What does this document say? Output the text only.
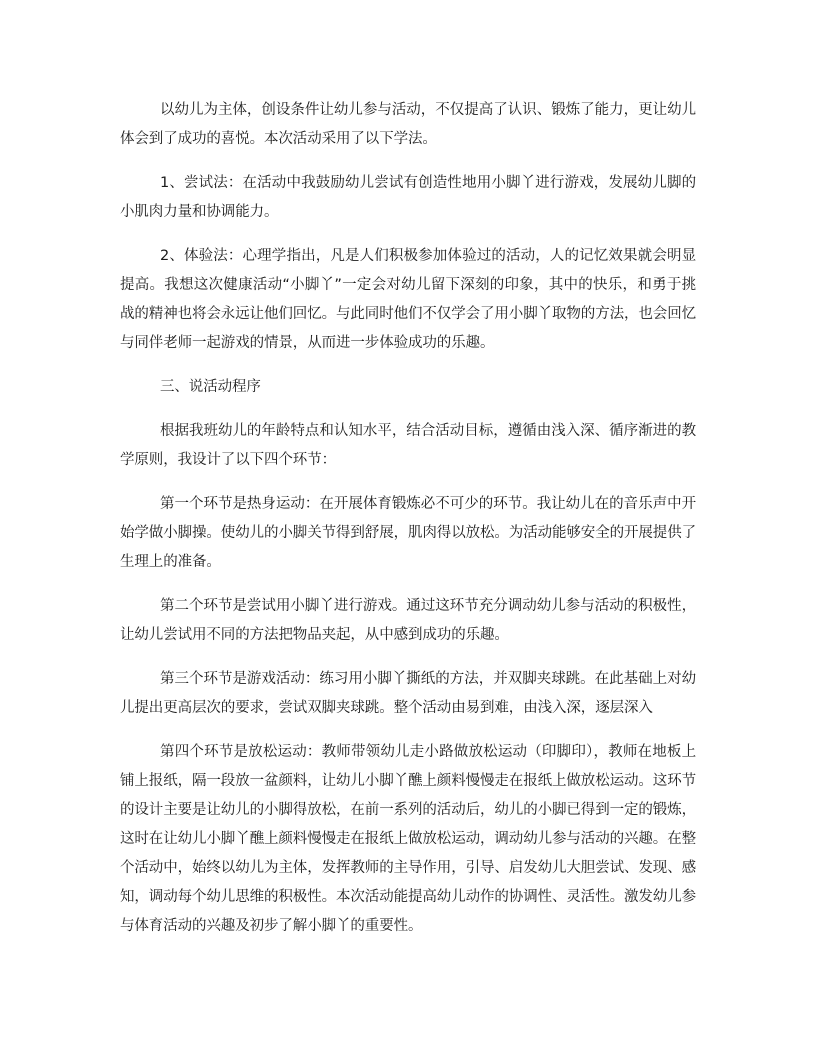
以幼儿为主体，创设条件让幼儿参与活动，不仅提高了认识、锻炼了能力，更让幼儿体会到了成功的喜悦。本次活动采用了以下学法。

1、尝试法：在活动中我鼓励幼儿尝试有创造性地用小脚丫进行游戏，发展幼儿脚的小肌肉力量和协调能力。

2、体验法：心理学指出，凡是人们积极参加体验过的活动，人的记忆效果就会明显提高。我想这次健康活动“小脚丫”一定会对幼儿留下深刻的印象，其中的快乐，和勇于挑战的精神也将会永远让他们回忆。与此同时他们不仅学会了用小脚丫取物的方法，也会回忆与同伴老师一起游戏的情景，从而进一步体验成功的乐趣。

三、说活动程序

根据我班幼儿的年龄特点和认知水平，结合活动目标，遵循由浅入深、循序渐进的教学原则，我设计了以下四个环节：

第一个环节是热身运动：在开展体育锻炼必不可少的环节。我让幼儿在的音乐声中开始学做小脚操。使幼儿的小脚关节得到舒展，肌肉得以放松。为活动能够安全的开展提供了生理上的准备。

第二个环节是尝试用小脚丫进行游戏。通过这环节充分调动幼儿参与活动的积极性，让幼儿尝试用不同的方法把物品夹起，从中感到成功的乐趣。

第三个环节是游戏活动：练习用小脚丫撕纸的方法，并双脚夹球跳。在此基础上对幼儿提出更高层次的要求，尝试双脚夹球跳。整个活动由易到难，由浅入深，逐层深入

第四个环节是放松运动：教师带领幼儿走小路做放松运动（印脚印），教师在地板上铺上报纸，隔一段放一盆颜料，让幼儿小脚丫醮上颜料慢慢走在报纸上做放松运动。这环节的设计主要是让幼儿的小脚得放松，在前一系列的活动后，幼儿的小脚已得到一定的锻炼，这时在让幼儿小脚丫醮上颜料慢慢走在报纸上做放松运动，调动幼儿参与活动的兴趣。在整个活动中，始终以幼儿为主体，发挥教师的主导作用，引导、启发幼儿大胆尝试、发现、感知，调动每个幼儿思维的积极性。本次活动能提高幼儿动作的协调性、灵活性。激发幼儿参与体育活动的兴趣及初步了解小脚丫的重要性。
